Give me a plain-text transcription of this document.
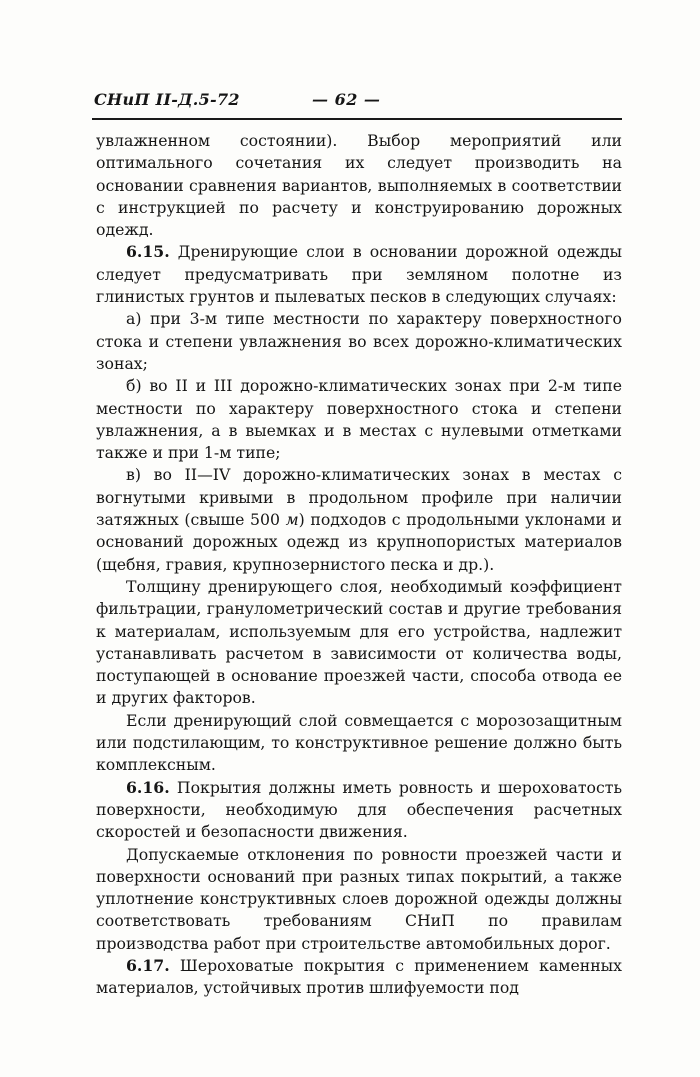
СНиП II-Д.5-72	— 62 —

увлажненном состоянии). Выбор мероприятий или оптимального сочетания их следует производить на основании сравнения вариантов, выполняемых в соответствии с инструкцией по расчету и конструированию дорожных одежд.

6.15. Дренирующие слои в основании дорожной одежды следует предусматривать при земляном полотне из глинистых грунтов и пылеватых песков в следующих случаях:

а) при 3-м типе местности по характеру поверхностного стока и степени увлажнения во всех дорожно-климатических зонах;

б) во II и III дорожно-климатических зонах при 2-м типе местности по характеру поверхностного стока и степени увлажнения, а в выемках и в местах с нулевыми отметками также и при 1-м типе;

в) во II—IV дорожно-климатических зонах в местах с вогнутыми кривыми в продольном профиле при наличии затяжных (свыше 500 м) подходов с продольными уклонами и оснований дорожных одежд из крупнопористых материалов (щебня, гравия, крупнозернистого песка и др.).

Толщину дренирующего слоя, необходимый коэффициент фильтрации, гранулометрический состав и другие требования к материалам, используемым для его устройства, надлежит устанавливать расчетом в зависимости от количества воды, поступающей в основание проезжей части, способа отвода ее и других факторов.

Если дренирующий слой совмещается с морозозащитным или подстилающим, то конструктивное решение должно быть комплексным.

6.16. Покрытия должны иметь ровность и шероховатость поверхности, необходимую для обеспечения расчетных скоростей и безопасности движения.

Допускаемые отклонения по ровности проезжей части и поверхности оснований при разных типах покрытий, а также уплотнение конструктивных слоев дорожной одежды должны соответствовать требованиям СНиП по правилам производства работ при строительстве автомобильных дорог.

6.17. Шероховатые покрытия с применением каменных материалов, устойчивых против шлифуемости под
